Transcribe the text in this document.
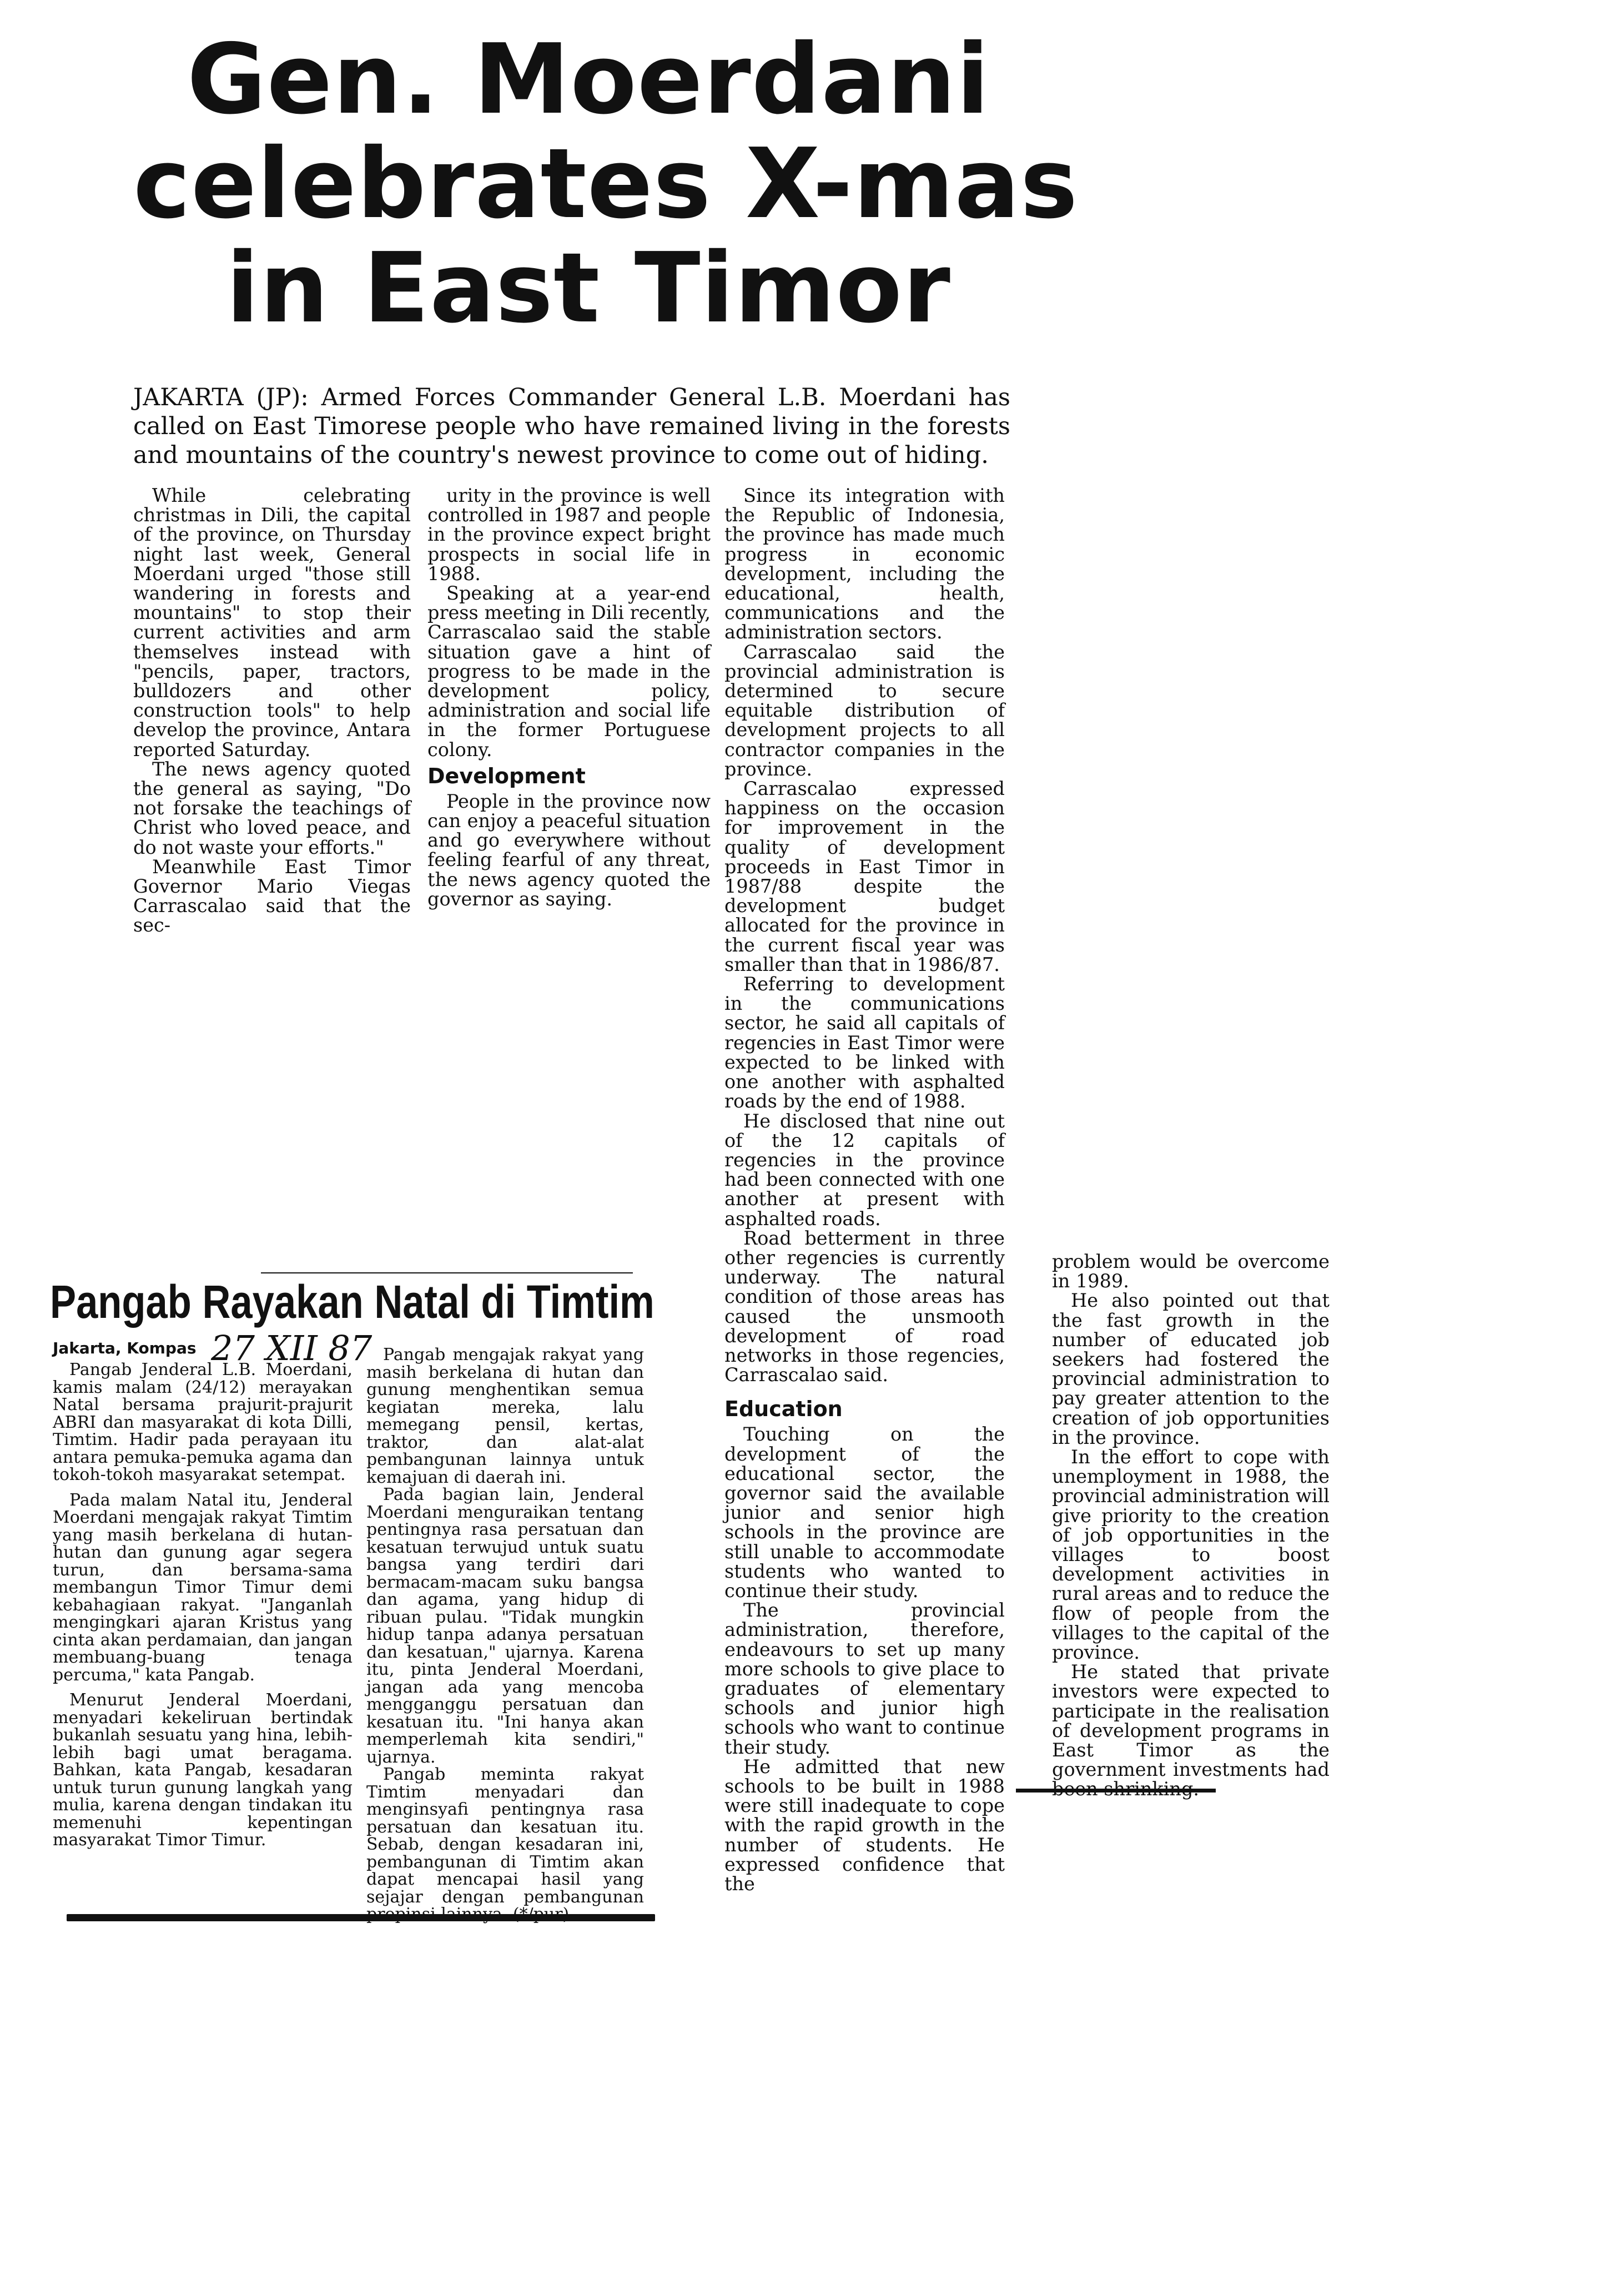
Gen. Moerdani
celebrates X-mas
in East Timor
JAKARTA (JP): Armed Forces Commander General L.B. Moerdani has called on East Timorese people who have remained living in the forests and mountains of the country's newest province to come out of hiding.

While celebrating christmas in Dili, the capital of the province, on Thursday night last week, General Moerdani urged "those still wandering in forests and mountains" to stop their current activities and arm themselves instead with "pencils, paper, tractors, bulldozers and other construction tools" to help develop the province, Antara reported Saturday.

The news agency quoted the general as saying, "Do not forsake the teachings of Christ who loved peace, and do not waste your efforts."

Meanwhile East Timor Governor Mario Viegas Carrascalao said that the sec-

urity in the province is well controlled in 1987 and people in the province expect bright prospects in social life in 1988.

Speaking at a year-end press meeting in Dili recently, Carrascalao said the stable situation gave a hint of progress to be made in the development policy, administration and social life in the former Portuguese colony.

Development

People in the province now can enjoy a peaceful situation and go everywhere without feeling fearful of any threat, the news agency quoted the governor as saying.

Since its integration with the Republic of Indonesia, the province has made much progress in economic development, including the educational, health, communications and the administration sectors.

Carrascalao said the provincial administration is determined to secure equitable distribution of development projects to all contractor companies in the province.

Carrascalao expressed happiness on the occasion for improvement in the quality of development proceeds in East Timor in 1987/88 despite the development budget allocated for the province in the current fiscal year was smaller than that in 1986/87.

Referring to development in the communications sector, he said all capitals of regencies in East Timor were expected to be linked with one another with asphalted roads by the end of 1988.

He disclosed that nine out of the 12 capitals of regencies in the province had been connected with one another at present with asphalted roads.

Road betterment in three other regencies is currently underway. The natural condition of those areas has caused the unsmooth development of road networks in those regencies, Carrascalao said.

Education

Touching on the development of the educational sector, the governor said the available junior and senior high schools in the province are still unable to accommodate students who wanted to continue their study.

The provincial administration, therefore, endeavours to set up many more schools to give place to graduates of elementary schools and junior high schools who want to continue their study.

He admitted that new schools to be built in 1988 were still inadequate to cope with the rapid growth in the number of students. He expressed confidence that the

problem would be overcome in 1989.

He also pointed out that the fast growth in the number of educated job seekers had fostered the provincial administration to pay greater attention to the creation of job opportunities in the province.

In the effort to cope with unemployment in 1988, the provincial administration will give priority to the creation of job opportunities in the villages to boost development activities in rural areas and to reduce the flow of people from the villages to the capital of the province.

He stated that private investors were expected to participate in the realisation of development programs in East Timor as the government investments had

Pangab Rayakan Natal di Timtim
Jakarta, Kompas 27 XII 87

Pangab Jenderal L.B. Moerdani, kamis malam (24/12) merayakan Natal bersama prajurit-prajurit ABRI dan masyarakat di kota Dilli, Timtim. Hadir pada perayaan itu antara pemuka-pemuka agama dan tokoh-tokoh masyarakat setempat.

Pada malam Natal itu, Jenderal Moerdani mengajak rakyat Timtim yang masih berkelana di hutan-hutan dan gunung agar segera turun, dan bersama-sama membangun Timor Timur demi kebahagiaan rakyat. "Janganlah mengingkari ajaran Kristus yang cinta akan perdamaian, dan jangan membuang-buang tenaga percuma," kata Pangab.

Menurut Jenderal Moerdani, menyadari kekeliruan bertindak bukanlah sesuatu yang hina, lebih-lebih bagi umat beragama. Bahkan, kata Pangab, kesadaran untuk turun gunung langkah yang mulia, karena dengan tindakan itu memenuhi kepentingan masyarakat Timor Timur.

Pangab mengajak rakyat yang masih berkelana di hutan dan gunung menghentikan semua kegiatan mereka, lalu memegang pensil, kertas, traktor, dan alat-alat pembangunan lainnya untuk kemajuan di daerah ini.

Pada bagian lain, Jenderal Moerdani menguraikan tentang pentingnya rasa persatuan dan kesatuan terwujud untuk suatu bangsa yang terdiri dari bermacam-macam suku bangsa dan agama, yang hidup di ribuan pulau. "Tidak mungkin hidup tanpa adanya persatuan dan kesatuan," ujarnya. Karena itu, pinta Jenderal Moerdani, jangan ada yang mencoba mengganggu persatuan dan kesatuan itu. "Ini hanya akan memperlemah kita sendiri," ujarnya.

Pangab meminta rakyat Timtim menyadari dan menginsyafi pentingnya rasa persatuan dan kesatuan itu. Sebab, dengan kesadaran ini, pembangunan di Timtim akan dapat mencapai hasil yang sejajar dengan pembangunan
